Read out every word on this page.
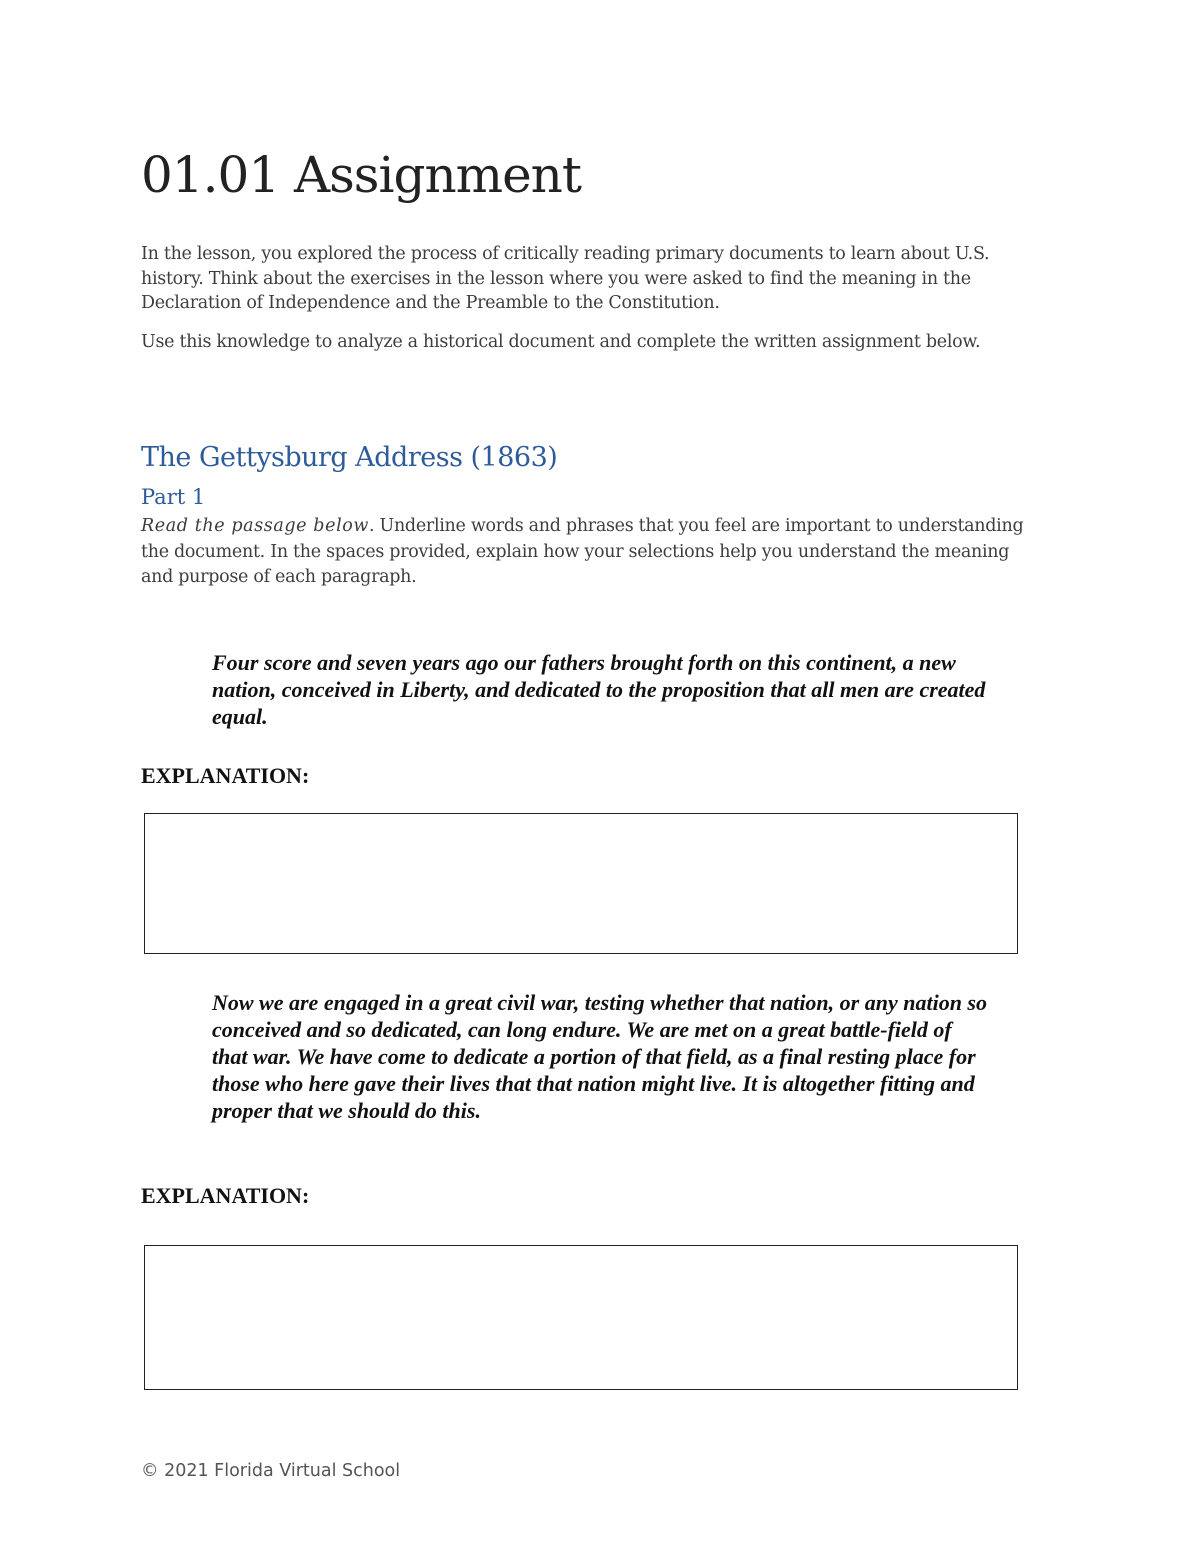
01.01 Assignment

In the lesson, you explored the process of critically reading primary documents to learn about U.S. history. Think about the exercises in the lesson where you were asked to find the meaning in the Declaration of Independence and the Preamble to the Constitution.

Use this knowledge to analyze a historical document and complete the written assignment below.

The Gettysburg Address (1863)
Part 1

Read the passage below. Underline words and phrases that you feel are important to understanding the document. In the spaces provided, explain how your selections help you understand the meaning and purpose of each paragraph.

Four score and seven years ago our fathers brought forth on this continent, a new nation, conceived in Liberty, and dedicated to the proposition that all men are created equal.

EXPLANATION:

Now we are engaged in a great civil war, testing whether that nation, or any nation so conceived and so dedicated, can long endure. We are met on a great battle-field of that war. We have come to dedicate a portion of that field, as a final resting place for those who here gave their lives that that nation might live. It is altogether fitting and proper that we should do this.

EXPLANATION:

© 2021 Florida Virtual School
